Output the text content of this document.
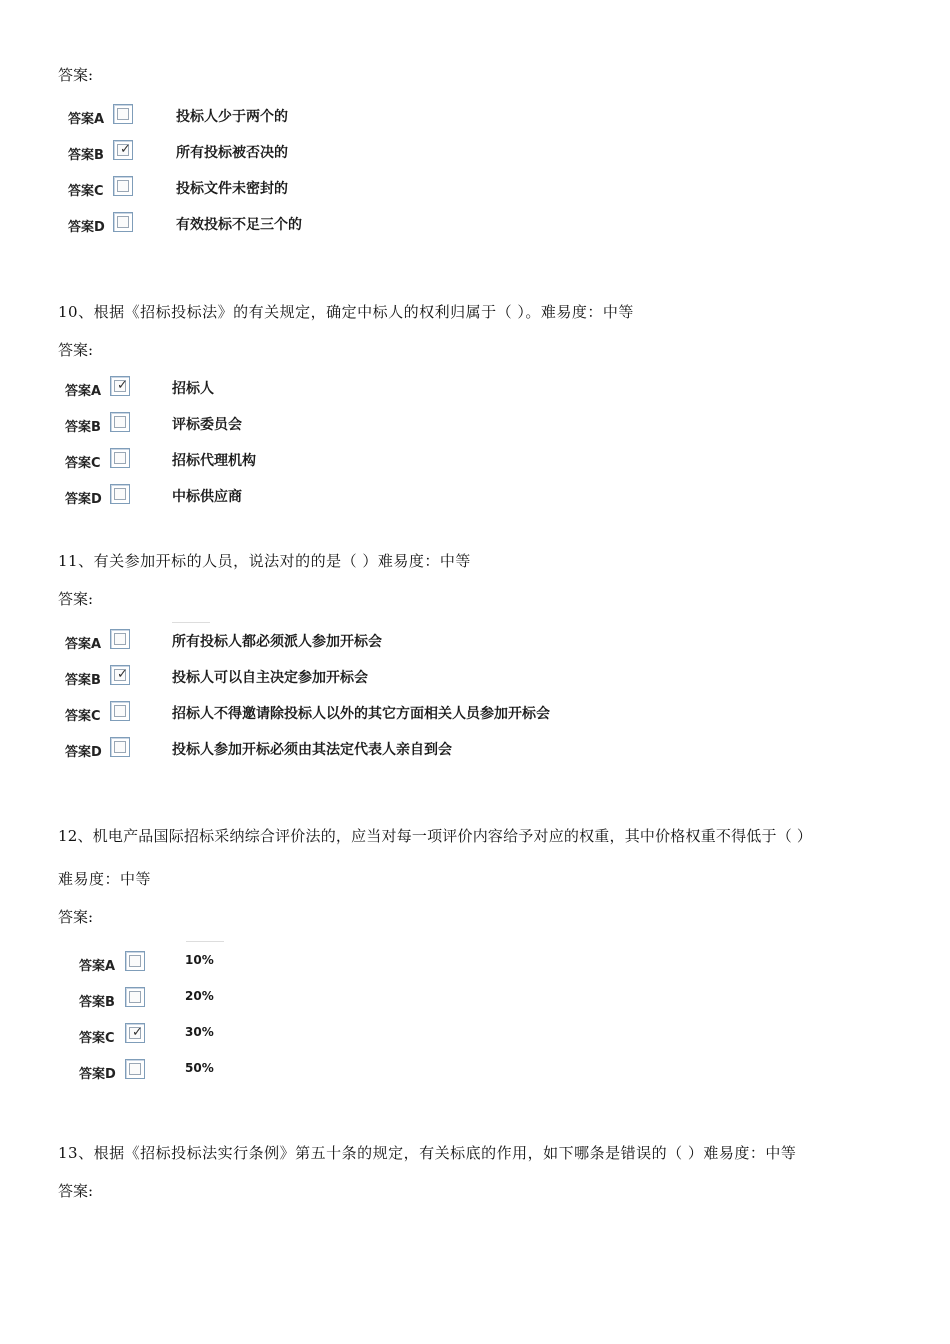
答案:
答案A	投标人少于两个的
答案B ✓	所有投标被否决的
答案C	投标文件未密封的
答案D	有效投标不足三个的
10、根据《招标投标法》的有关规定，确定中标人的权利归属于（ ）。难易度：中等
答案:
答案A ✓	招标人
答案B	评标委员会
答案C	招标代理机构
答案D	中标供应商
11、有关参加开标的人员，说法对的的是（ ）难易度：中等
答案:
答案A	所有投标人都必须派人参加开标会
答案B ✓	投标人可以自主决定参加开标会
答案C	招标人不得邀请除投标人以外的其它方面相关人员参加开标会
答案D	投标人参加开标必须由其法定代表人亲自到会
12、机电产品国际招标采纳综合评价法的，应当对每一项评价内容给予对应的权重，其中价格权重不得低于（ ）
难易度：中等
答案:
答案A	10%
答案B	20%
答案C ✓	30%
答案D	50%
13、根据《招标投标法实行条例》第五十条的规定，有关标底的作用，如下哪条是错误的（ ）难易度：中等
答案:
